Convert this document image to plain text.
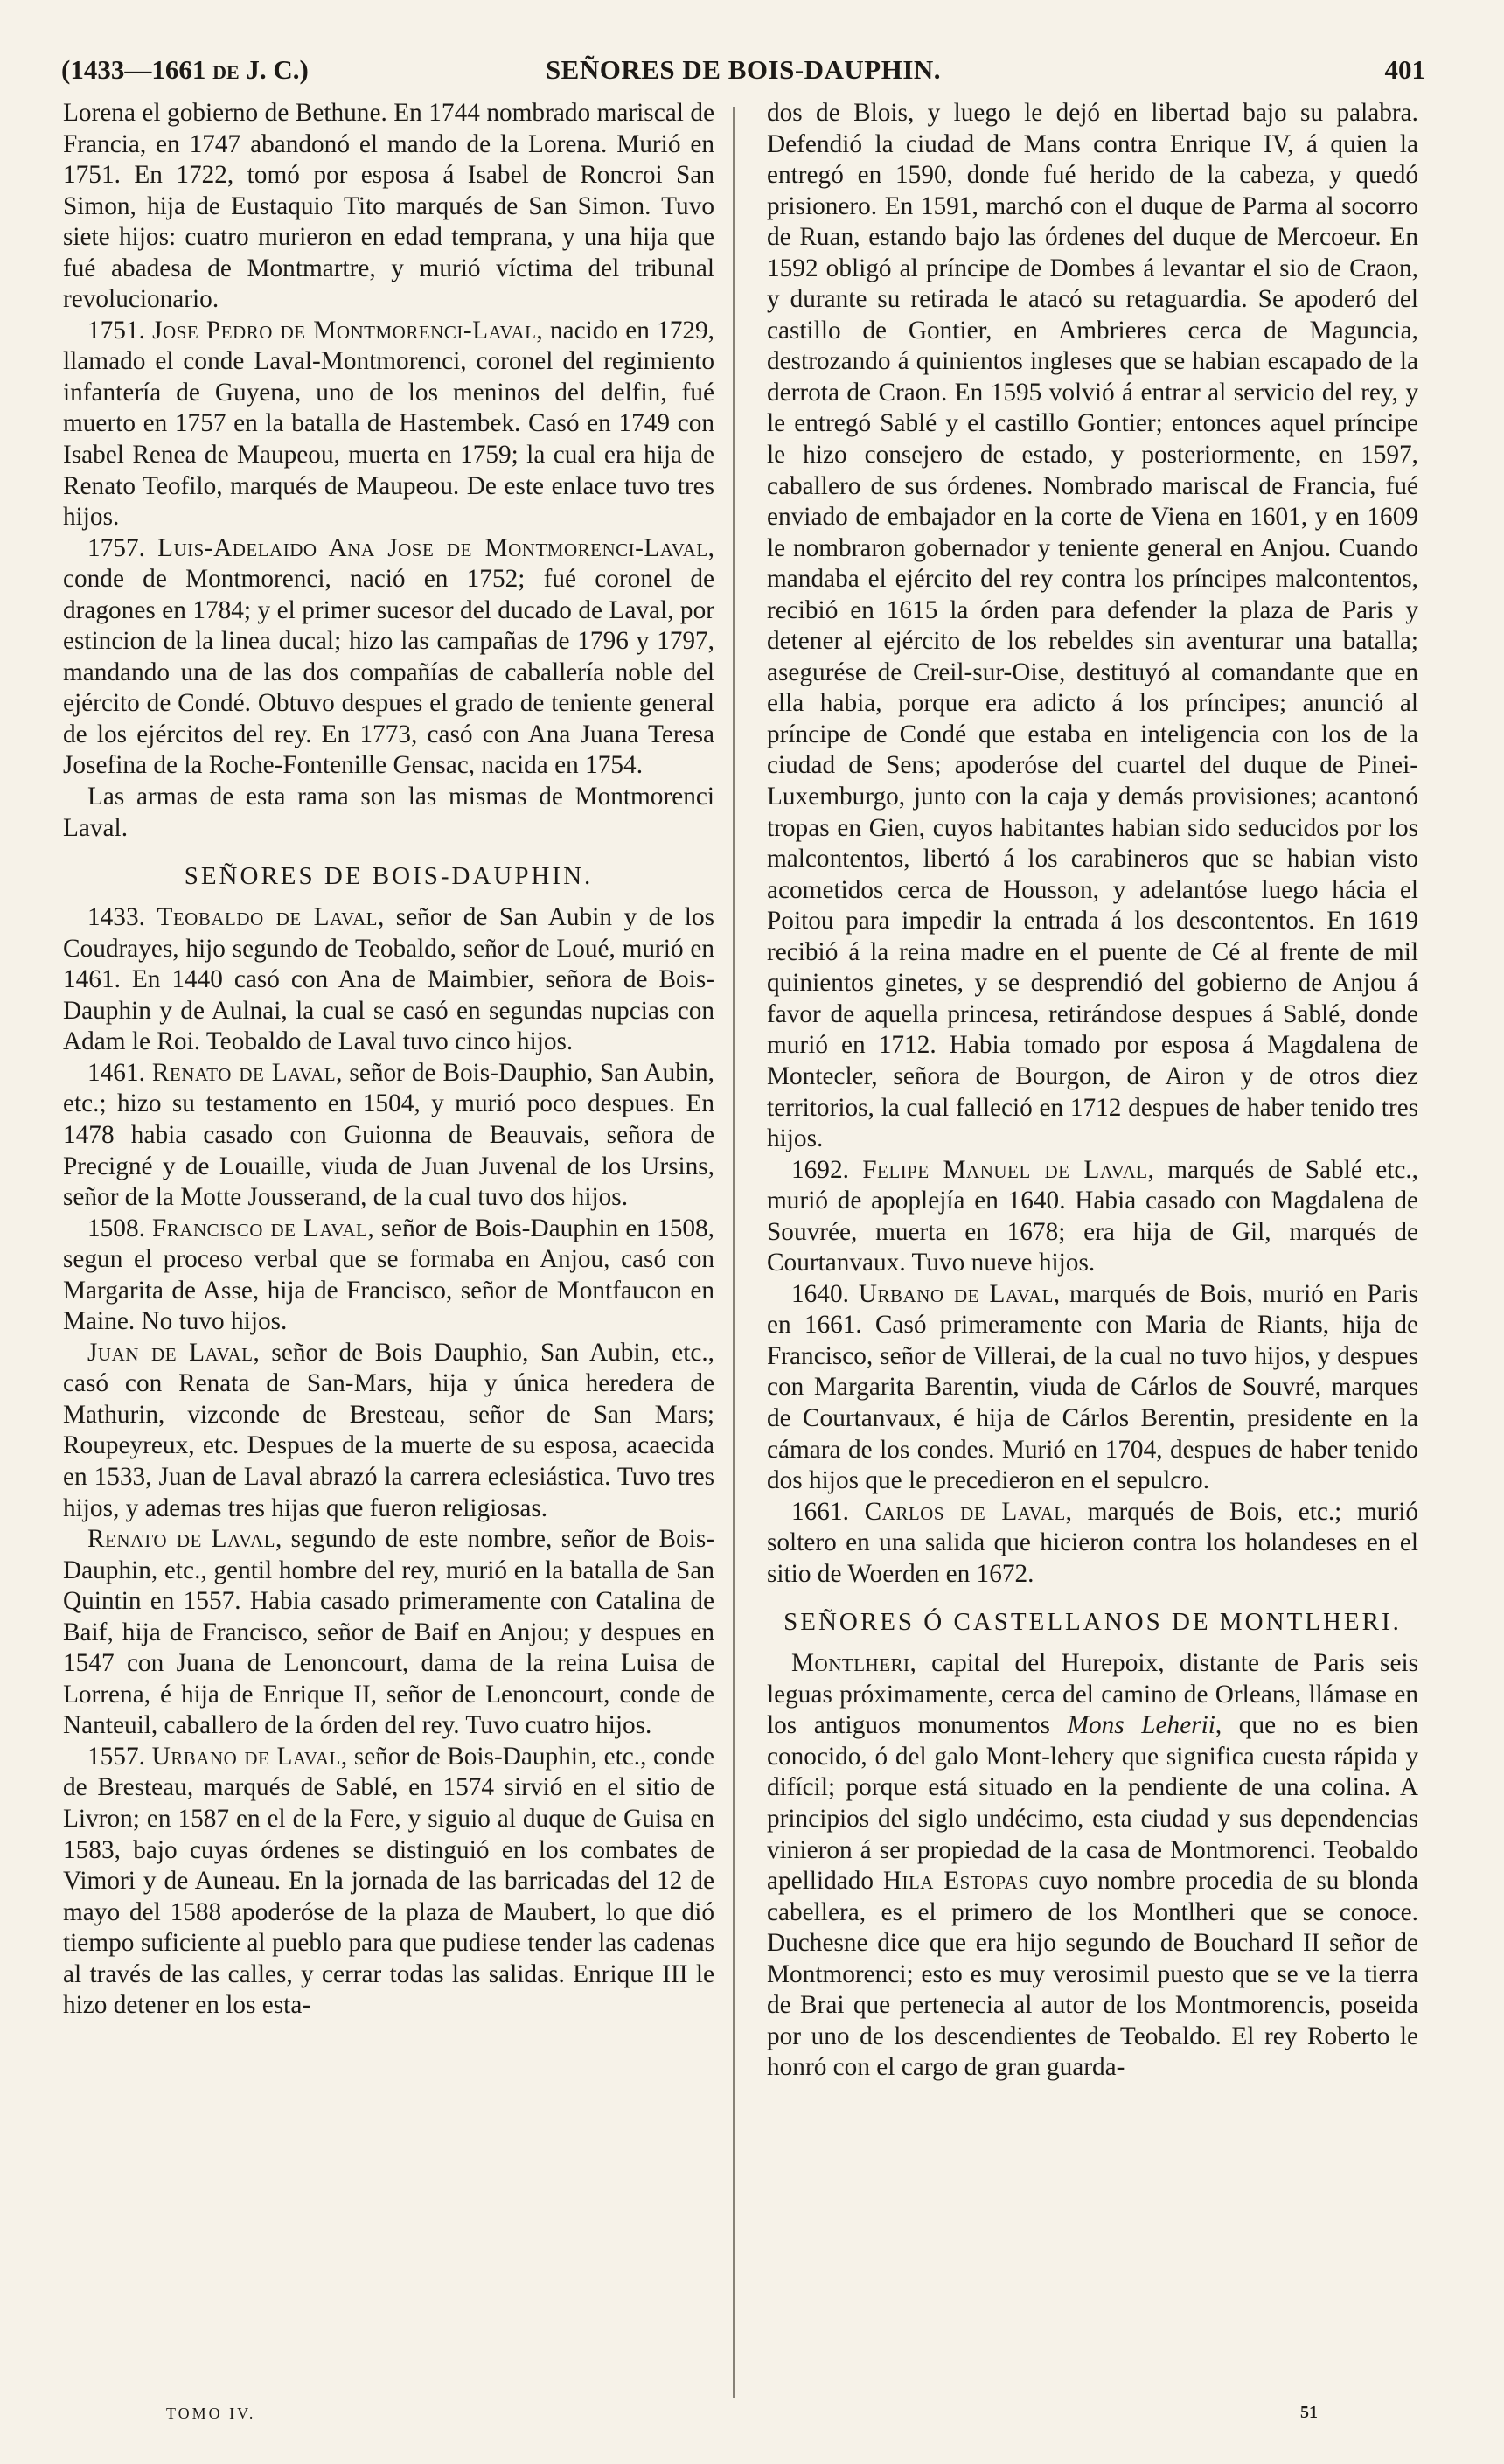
(1433—1661 DE J. C.)	SEÑORES DE BOIS-DAUPHIN.	401

Lorena el gobierno de Bethune. En 1744 nombrado mariscal de Francia, en 1747 abandonó el mando de la Lorena. Murió en 1751. En 1722, tomó por esposa á Isabel de Roncroi San Simon, hija de Eustaquio Tito marqués de San Simon. Tuvo siete hijos: cuatro murieron en edad temprana, y una hija que fué abadesa de Montmartre, y murió víctima del tribunal revolucionario.

1751. Jose Pedro de Montmorenci-Laval, nacido en 1729, llamado el conde Laval-Montmorenci, coronel del regimiento infantería de Guyena, uno de los meninos del delfin, fué muerto en 1757 en la batalla de Hastembek. Casó en 1749 con Isabel Renea de Maupeou, muerta en 1759; la cual era hija de Renato Teofilo, marqués de Maupeou. De este enlace tuvo tres hijos.

1757. Luis-Adelaido Ana Jose de Montmorenci-Laval, conde de Montmorenci, nació en 1752; fué coronel de dragones en 1784; y el primer sucesor del ducado de Laval, por estincion de la linea ducal; hizo las campañas de 1796 y 1797, mandando una de las dos compañías de caballería noble del ejército de Condé. Obtuvo despues el grado de teniente general de los ejércitos del rey. En 1773, casó con Ana Juana Teresa Josefina de la Roche-Fontenille Gensac, nacida en 1754.

Las armas de esta rama son las mismas de Montmorenci Laval.

SEÑORES DE BOIS-DAUPHIN.

1433. Teobaldo de Laval, señor de San Aubin y de los Coudrayes, hijo segundo de Teobaldo, señor de Loué, murió en 1461. En 1440 casó con Ana de Maimbier, señora de Bois-Dauphin y de Aulnai, la cual se casó en segundas nupcias con Adam le Roi. Teobaldo de Laval tuvo cinco hijos.

1461. Renato de Laval, señor de Bois-Dauphio, San Aubin, etc.; hizo su testamento en 1504, y murió poco despues. En 1478 habia casado con Guionna de Beauvais, señora de Precigné y de Louaille, viuda de Juan Juvenal de los Ursins, señor de la Motte Jousserand, de la cual tuvo dos hijos.

1508. Francisco de Laval, señor de Bois-Dauphin en 1508, segun el proceso verbal que se formaba en Anjou, casó con Margarita de Asse, hija de Francisco, señor de Montfaucon en Maine. No tuvo hijos.

Juan de Laval, señor de Bois Dauphio, San Aubin, etc., casó con Renata de San-Mars, hija y única heredera de Mathurin, vizconde de Bresteau, señor de San Mars; Roupeyreux, etc. Despues de la muerte de su esposa, acaecida en 1533, Juan de Laval abrazó la carrera eclesiástica. Tuvo tres hijos, y ademas tres hijas que fueron religiosas.

Renato de Laval, segundo de este nombre, señor de Bois-Dauphin, etc., gentil hombre del rey, murió en la batalla de San Quintin en 1557. Habia casado primeramente con Catalina de Baif, hija de Francisco, señor de Baif en Anjou; y despues en 1547 con Juana de Lenoncourt, dama de la reina Luisa de Lorrena, é hija de Enrique II, señor de Lenoncourt, conde de Nanteuil, caballero de la órden del rey. Tuvo cuatro hijos.

1557. Urbano de Laval, señor de Bois-Dauphin, etc., conde de Bresteau, marqués de Sablé, en 1574 sirvió en el sitio de Livron; en 1587 en el de la Fere, y siguio al duque de Guisa en 1583, bajo cuyas órdenes se distinguió en los combates de Vimori y de Auneau. En la jornada de las barricadas del 12 de mayo del 1588 apoderóse de la plaza de Maubert, lo que dió tiempo suficiente al pueblo para que pudiese tender las cadenas al través de las calles, y cerrar todas las salidas. Enrique III le hizo detener en los esta-

dos de Blois, y luego le dejó en libertad bajo su palabra. Defendió la ciudad de Mans contra Enrique IV, á quien la entregó en 1590, donde fué herido de la cabeza, y quedó prisionero. En 1591, marchó con el duque de Parma al socorro de Ruan, estando bajo las órdenes del duque de Mercoeur. En 1592 obligó al príncipe de Dombes á levantar el sio de Craon, y durante su retirada le atacó su retaguardia. Se apoderó del castillo de Gontier, en Ambrieres cerca de Maguncia, destrozando á quinientos ingleses que se habian escapado de la derrota de Craon. En 1595 volvió á entrar al servicio del rey, y le entregó Sablé y el castillo Gontier; entonces aquel príncipe le hizo consejero de estado, y posteriormente, en 1597, caballero de sus órdenes. Nombrado mariscal de Francia, fué enviado de embajador en la corte de Viena en 1601, y en 1609 le nombraron gobernador y teniente general en Anjou. Cuando mandaba el ejército del rey contra los príncipes malcontentos, recibió en 1615 la órden para defender la plaza de Paris y detener al ejército de los rebeldes sin aventurar una batalla; asegurése de Creil-sur-Oise, destituyó al comandante que en ella habia, porque era adicto á los príncipes; anunció al príncipe de Condé que estaba en inteligencia con los de la ciudad de Sens; apoderóse del cuartel del duque de Pinei-Luxemburgo, junto con la caja y demás provisiones; acantonó tropas en Gien, cuyos habitantes habian sido seducidos por los malcontentos, libertó á los carabineros que se habian visto acometidos cerca de Housson, y adelantóse luego hácia el Poitou para impedir la entrada á los descontentos. En 1619 recibió á la reina madre en el puente de Cé al frente de mil quinientos ginetes, y se desprendió del gobierno de Anjou á favor de aquella princesa, retirándose despues á Sablé, donde murió en 1712. Habia tomado por esposa á Magdalena de Montecler, señora de Bourgon, de Airon y de otros diez territorios, la cual falleció en 1712 despues de haber tenido tres hijos.

1692. Felipe Manuel de Laval, marqués de Sablé etc., murió de apoplejía en 1640. Habia casado con Magdalena de Souvrée, muerta en 1678; era hija de Gil, marqués de Courtanvaux. Tuvo nueve hijos.

1640. Urbano de Laval, marqués de Bois, murió en Paris en 1661. Casó primeramente con Maria de Riants, hija de Francisco, señor de Villerai, de la cual no tuvo hijos, y despues con Margarita Barentin, viuda de Cárlos de Souvré, marques de Courtanvaux, é hija de Cárlos Berentin, presidente en la cámara de los condes. Murió en 1704, despues de haber tenido dos hijos que le precedieron en el sepulcro.

1661. Carlos de Laval, marqués de Bois, etc.; murió soltero en una salida que hicieron contra los holandeses en el sitio de Woerden en 1672.

SEÑORES Ó CASTELLANOS DE MONTLHERI.

Montlheri, capital del Hurepoix, distante de Paris seis leguas próximamente, cerca del camino de Orleans, llámase en los antiguos monumentos Mons Leherii, que no es bien conocido, ó del galo Mont-lehery que significa cuesta rápida y difícil; porque está situado en la pendiente de una colina. A principios del siglo undécimo, esta ciudad y sus dependencias vinieron á ser propiedad de la casa de Montmorenci. Teobaldo apellidado Hila Estopas cuyo nombre procedia de su blonda cabellera, es el primero de los Montlheri que se conoce. Duchesne dice que era hijo segundo de Bouchard II señor de Montmorenci; esto es muy verosimil puesto que se ve la tierra de Brai que pertenecia al autor de los Montmorencis, poseida por uno de los descendientes de Teobaldo. El rey Roberto le honró con el cargo de gran guarda-

TOMO IV.	51
